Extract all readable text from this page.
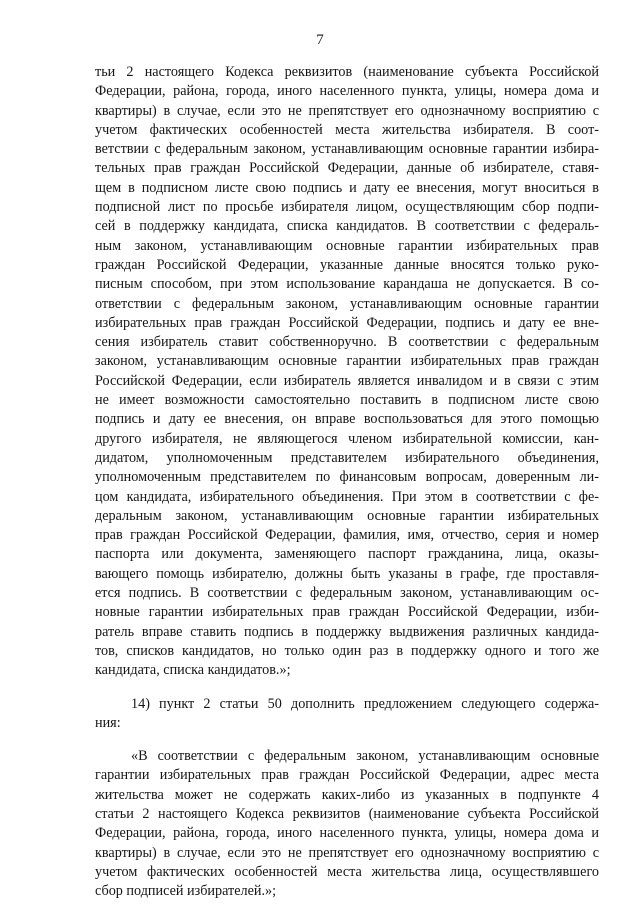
7

тьи 2 настоящего Кодекса реквизитов (наименование субъекта Российской
Федерации, района, города, иного населенного пункта, улицы, номера дома и
квартиры) в случае, если это не препятствует его однозначному восприятию с
учетом фактических особенностей места жительства избирателя. В соот-
ветствии с федеральным законом, устанавливающим основные гарантии избира-
тельных прав граждан Российской Федерации, данные об избирателе, ставя-
щем в подписном листе свою подпись и дату ее внесения, могут вноситься в
подписной лист по просьбе избирателя лицом, осуществляющим сбор подпи-
сей в поддержку кандидата, списка кандидатов. В соответствии с федераль-
ным законом, устанавливающим основные гарантии избирательных прав
граждан Российской Федерации, указанные данные вносятся только руко-
писным способом, при этом использование карандаша не допускается. В со-
ответствии с федеральным законом, устанавливающим основные гарантии
избирательных прав граждан Российской Федерации, подпись и дату ее вне-
сения избиратель ставит собственноручно. В соответствии с федеральным
законом, устанавливающим основные гарантии избирательных прав граждан
Российской Федерации, если избиратель является инвалидом и в связи с этим
не имеет возможности самостоятельно поставить в подписном листе свою
подпись и дату ее внесения, он вправе воспользоваться для этого помощью
другого избирателя, не являющегося членом избирательной комиссии, кан-
дидатом, уполномоченным представителем избирательного объединения,
уполномоченным представителем по финансовым вопросам, доверенным ли-
цом кандидата, избирательного объединения. При этом в соответствии с фе-
деральным законом, устанавливающим основные гарантии избирательных
прав граждан Российской Федерации, фамилия, имя, отчество, серия и номер
паспорта или документа, заменяющего паспорт гражданина, лица, оказы-
вающего помощь избирателю, должны быть указаны в графе, где проставля-
ется подпись. В соответствии с федеральным законом, устанавливающим ос-
новные гарантии избирательных прав граждан Российской Федерации, изби-
ратель вправе ставить подпись в поддержку выдвижения различных кандида-
тов, списков кандидатов, но только один раз в поддержку одного и того же
кандидата, списка кандидатов.»;

14) пункт 2 статьи 50 дополнить предложением следующего содержа-
ния:

«В соответствии с федеральным законом, устанавливающим основные
гарантии избирательных прав граждан Российской Федерации, адрес места
жительства может не содержать каких-либо из указанных в подпункте 4
статьи 2 настоящего Кодекса реквизитов (наименование субъекта Российской
Федерации, района, города, иного населенного пункта, улицы, номера дома и
квартиры) в случае, если это не препятствует его однозначному восприятию с
учетом фактических особенностей места жительства лица, осуществлявшего
сбор подписей избирателей.»;
